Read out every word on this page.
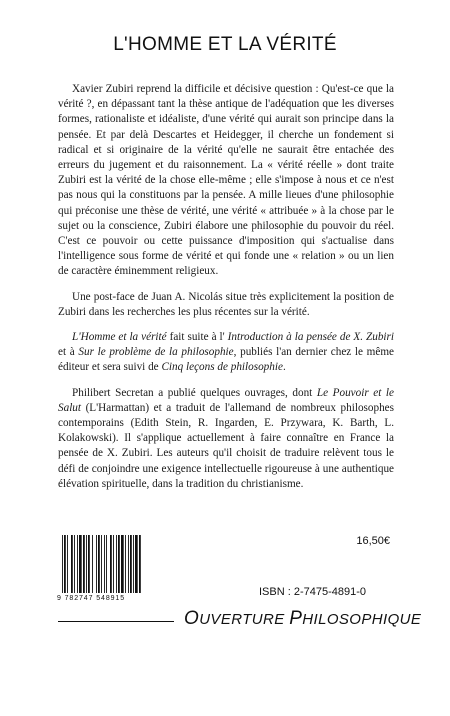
L'HOMME ET LA VÉRITÉ

Xavier Zubiri reprend la difficile et décisive question : Qu'est-ce que la vérité ?, en dépassant tant la thèse antique de l'adéquation que les diverses formes, rationaliste et idéaliste, d'une vérité qui aurait son principe dans la pensée. Et par delà Descartes et Heidegger, il cherche un fondement si radical et si originaire de la vérité qu'elle ne saurait être entachée des erreurs du jugement et du raisonnement. La « vérité réelle » dont traite Zubiri est la vérité de la chose elle-même ; elle s'impose à nous et ce n'est pas nous qui la constituons par la pensée. A mille lieues d'une philosophie qui préconise une thèse de vérité, une vérité « attribuée » à la chose par le sujet ou la conscience, Zubiri élabore une philosophie du pouvoir du réel. C'est ce pouvoir ou cette puissance d'imposition qui s'actualise dans l'intelligence sous forme de vérité et qui fonde une « relation » ou un lien de caractère éminemment religieux.

Une post-face de Juan A. Nicolás situe très explicitement la position de Zubiri dans les recherches les plus récentes sur la vérité.

L'Homme et la vérité fait suite à l' Introduction à la pensée de X. Zubiri et à Sur le problème de la philosophie, publiés l'an dernier chez le même éditeur et sera suivi de Cinq leçons de philosophie.

Philibert Secretan a publié quelques ouvrages, dont Le Pouvoir et le Salut (L'Harmattan) et a traduit de l'allemand de nombreux philosophes contemporains (Edith Stein, R. Ingarden, E. Przywara, K. Barth, L. Kolakowski). Il s'applique actuellement à faire connaître en France la pensée de X. Zubiri. Les auteurs qu'il choisit de traduire relèvent tous le défi de conjoindre une exigence intellectuelle rigoureuse à une authentique élévation spirituelle, dans la tradition du christianisme.

9 782747 548915
16,50€
ISBN : 2-7475-4891-0
OUVERTURE PHILOSOPHIQUE
